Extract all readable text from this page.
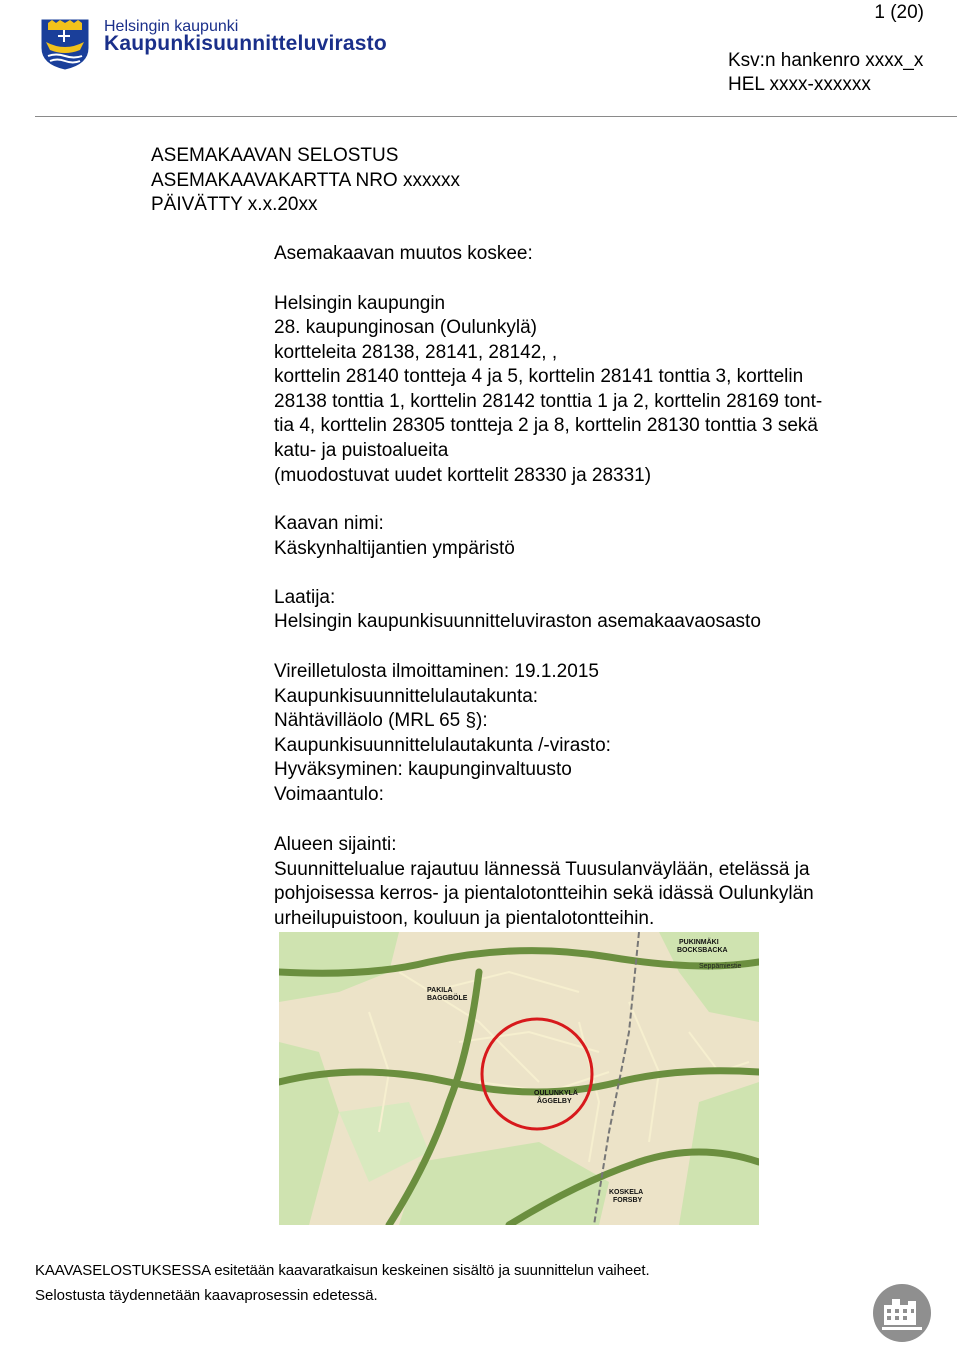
Helsingin kaupunki
Kaupunkisuunnitteluvirasto
1 (20)
Ksv:n hankenro xxxx_x
HEL xxxx-xxxxxx
ASEMAKAAVAN SELOSTUS
ASEMAKAAVAKARTTA NRO xxxxxx
PÄIVÄTTY x.x.20xx
Asemakaavan muutos koskee:
Helsingin kaupungin
28. kaupunginosan (Oulunkylä)
kortteleita 28138, 28141, 28142, ,
korttelin 28140 tontteja 4 ja 5, korttelin 28141 tonttia 3, korttelin
28138 tonttia 1, korttelin 28142 tonttia 1 ja 2, korttelin 28169 tont-
tia 4, korttelin 28305 tontteja 2 ja 8, korttelin 28130 tonttia 3 sekä
katu- ja puistoalueita
(muodostuvat uudet korttelit 28330 ja 28331)
Kaavan nimi:
Käskynhaltijantien ympäristö
Laatija:
Helsingin kaupunkisuunnitteluviraston asemakaavaosasto
Vireilletulosta ilmoittaminen: 19.1.2015
Kaupunkisuunnittelulautakunta:
Nähtävilläolo (MRL 65 §):
Kaupunkisuunnittelulautakunta /-virasto:
Hyväksyminen: kaupunginvaltuusto
Voimaantulo:
Alueen sijainti:
Suunnittelualue rajautuu lännessä Tuusulanväylään, etelässä ja
pohjoisessa kerros- ja pientalotontteihin sekä idässä Oulunkylän
urheilupuistoon, kouluun ja pientalotontteihin.
PAKILA
BAGGBÖLE
OULUNKYLÄ
ÅGGELBY
KOSKELA
FORSBY
PUKINMÄKI
BOCKSBACKA
Seppämiestie
KAAVASELOSTUKSESSA esitetään kaavaratkaisun keskeinen sisältö ja suunnittelun vaiheet.
Selostusta täydennetään kaavaprosessin edetessä.
